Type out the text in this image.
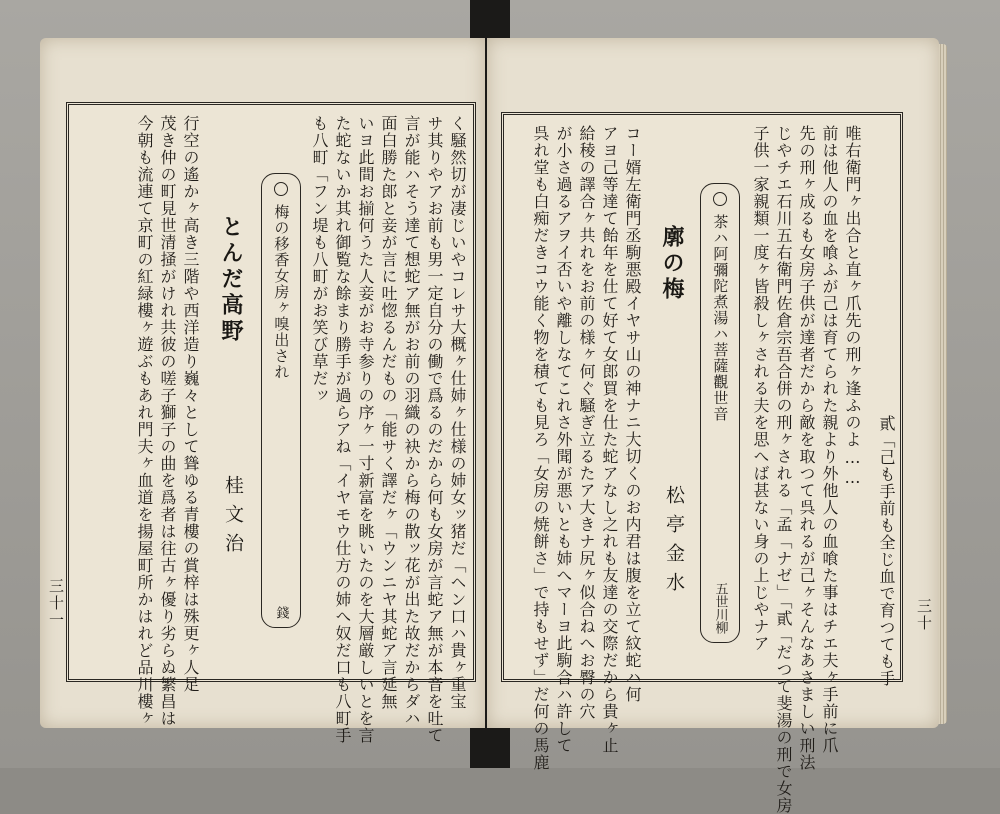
く騒然切が凄じいやコレサ大概ヶ仕姉ヶ仕様の姉女ッ猪だ「ヘン口ハ貴ヶ重宝
サ其りやアお前も男一定自分の働で爲るのだから何も女房が言蛇ア無が本音を吐て
言が能ハそう達て想蛇ア無がお前の羽織の袂から梅の散ッ花が出た故だからダハ
面白勝た郎と妾が言に吐惚るんだもの「能サく譯だヶ「ウンニヤ其蛇ア言延無
いヨ此間お揃何うた人妾がお寺参りの序ヶ一寸新富を眺いたのを大層厳しいとを言
た蛇ないか其れ御覧な餘まり勝手が過らアね「イヤモウ仕方の姉へ奴だ口も八町手
も八町「フン堤も八町がお笑び草だッ
梅の移香女房ヶ嗅出され
錢
とんだ高野
桂文治
行空の遙かヶ高き三階や西洋造り巍々として聳ゆる青樓の賞梓は殊更ヶ人足
茂き仲の町見世清掻がけれ共彼の嗟子獅子の曲を爲者は往古ヶ優り劣らぬ繁昌は
今朝も流連て京町の紅緑樓ヶ遊ぶもあれ門夫ヶ血道を揚屋町所かはれど品川樓ヶ
三十一	貳「己も手前も全じ血で育つても手
唯右衛門ヶ出合と直ヶ爪先の刑ヶ逢ふのよ……
前は他人の血を喰ふが己は育てられた親より外他人の血喰た事はチエ夫ヶ手前に爪
先の刑ヶ成るも女房子供が達者だから敵を取つて呉れるが己ヶそんなあさましい刑法
じやチエ石川五右衛門佐倉宗吾合併の刑ヶされる「孟「ナゼ」「貳「だつて斐湯の刑で女房
子供一家親類一度ヶ皆殺しヶされる夫を思へば甚ない身の上じやナア
茶ハ阿彌陀煮湯ハ菩薩觀世音
五世川柳
廓の梅
松亭金水
コー婿左衛門丞駒悪殿イヤサ山の神ナニ大切くのお内君は腹を立て紋蛇ハ何
アヨ己等達て飴年を仕て好て女郎買を仕た蛇アなし之れも友達の交際だから貴ヶ止
給稜の譯合ヶ共れをお前の様ヶ何ぐ騒ぎ立るたア大きナ尻ヶ似合ねへお臀の穴
が小さ過るアヲイ否いや離しなてこれさ外聞が悪いとも姉へマーヨ此駒合ハ許して
呉れ堂も白痴だきコウ能く物を積ても見ろ「女房の焼餅さ」で持もせず」だ何の馬鹿	三十
